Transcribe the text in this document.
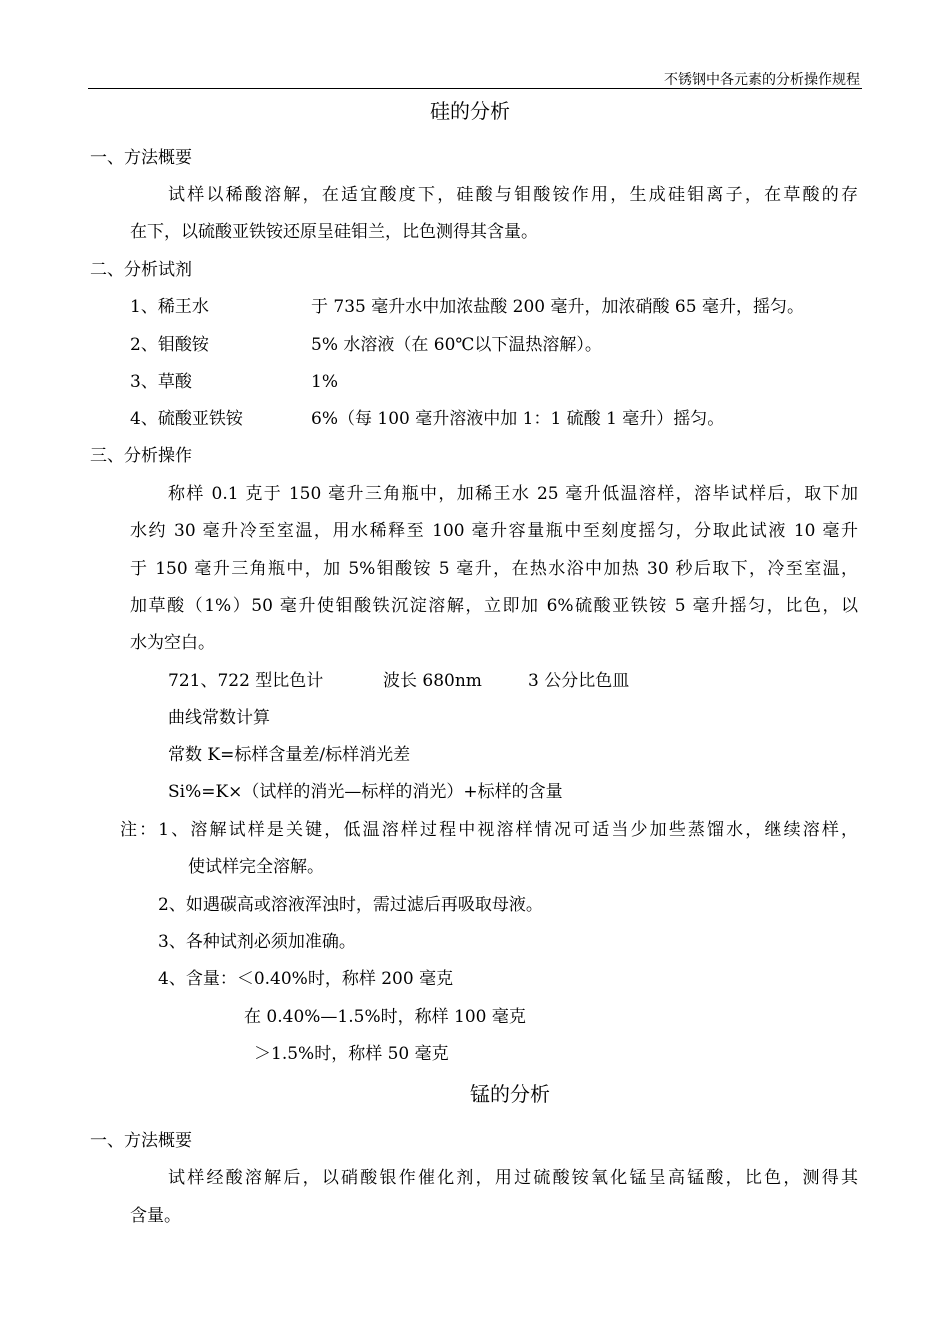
不锈钢中各元素的分析操作规程
硅的分析
一、方法概要
试样以稀酸溶解，在适宜酸度下，硅酸与钼酸铵作用，生成硅钼离子，在草酸的存
在下，以硫酸亚铁铵还原呈硅钼兰，比色测得其含量。
二、分析试剂
1、稀王水	于 735 毫升水中加浓盐酸 200 毫升，加浓硝酸 65 毫升，摇匀。
2、钼酸铵	5% 水溶液（在 60℃以下温热溶解）。
3、草酸	1%
4、硫酸亚铁铵	6%（每 100 毫升溶液中加 1：1 硫酸 1 毫升）摇匀。
三、分析操作
称样 0.1 克于 150 毫升三角瓶中，加稀王水 25 毫升低温溶样，溶毕试样后，取下加
水约 30 毫升冷至室温，用水稀释至 100 毫升容量瓶中至刻度摇匀，分取此试液 10 毫升
于 150 毫升三角瓶中，加 5%钼酸铵 5 毫升，在热水浴中加热 30 秒后取下，冷至室温，
加草酸（1%）50 毫升使钼酸铁沉淀溶解，立即加 6%硫酸亚铁铵 5 毫升摇匀，比色，以
水为空白。
721、722 型比色计	波长 680nm	3 公分比色皿
曲线常数计算
常数 K=标样含量差/标样消光差
Si%=K×（试样的消光—标样的消光）+标样的含量
注：1、溶解试样是关键，低温溶样过程中视溶样情况可适当少加些蒸馏水，继续溶样，
使试样完全溶解。
2、如遇碳高或溶液浑浊时，需过滤后再吸取母液。
3、各种试剂必须加准确。
4、含量：＜0.40%时，称样 200 毫克
在 0.40%—1.5%时，称样 100 毫克
＞1.5%时，称样 50 毫克
锰的分析
一、方法概要
试样经酸溶解后，以硝酸银作催化剂，用过硫酸铵氧化锰呈高锰酸，比色，测得其
含量。
